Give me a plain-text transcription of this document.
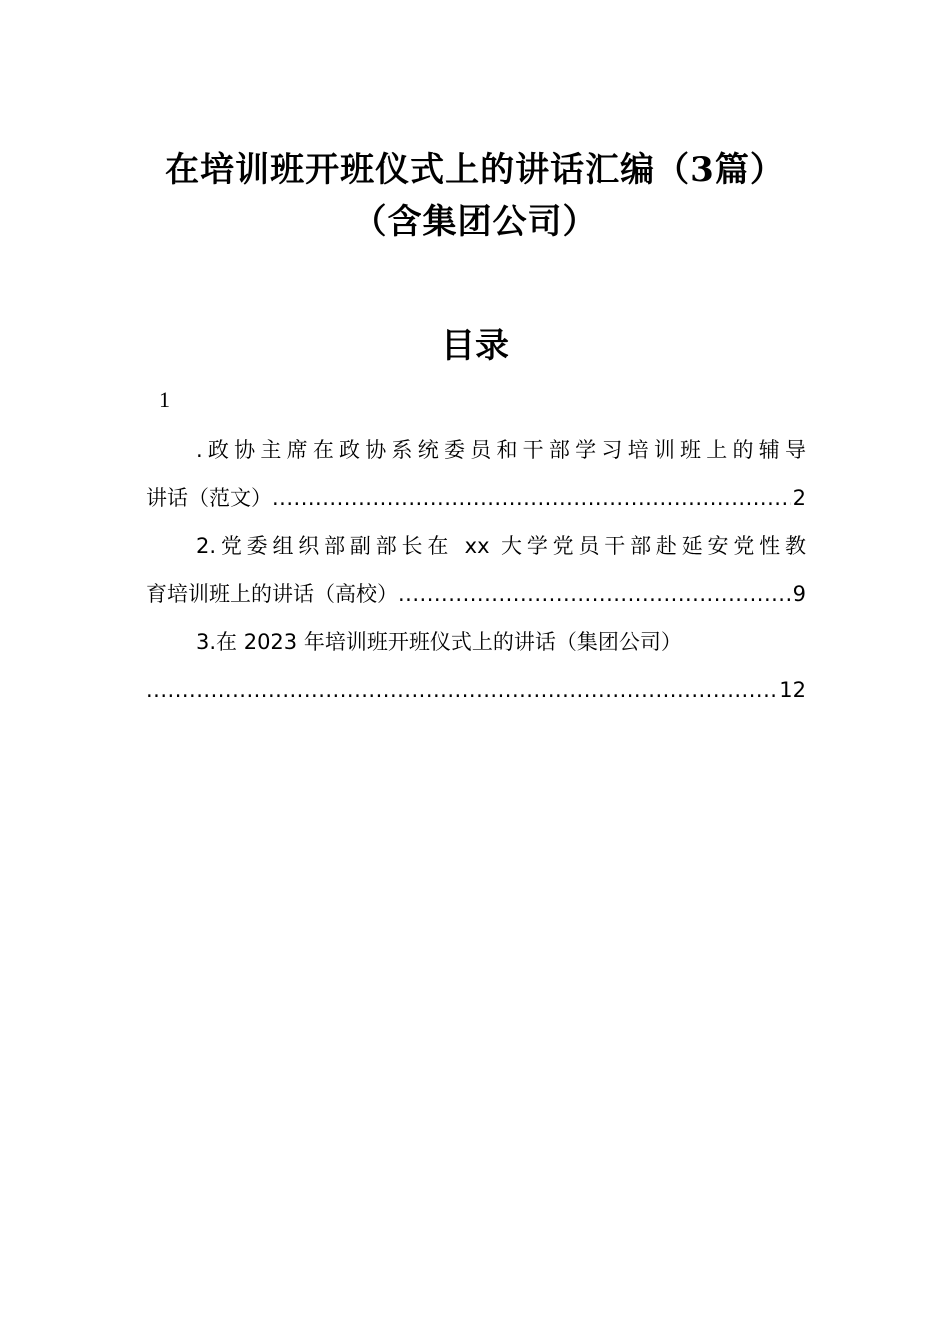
在培训班开班仪式上的讲话汇编（3篇）
（含集团公司）
目录
1
.政协主席在政协系统委员和干部学习培训班上的辅导
讲话（范文） .....	2
2.党委组织部副部长在 xx 大学党员干部赴延安党性教
育培训班上的讲话（高校） .....	9
3.在 2023 年培训班开班仪式上的讲话（集团公司）
.....
12
